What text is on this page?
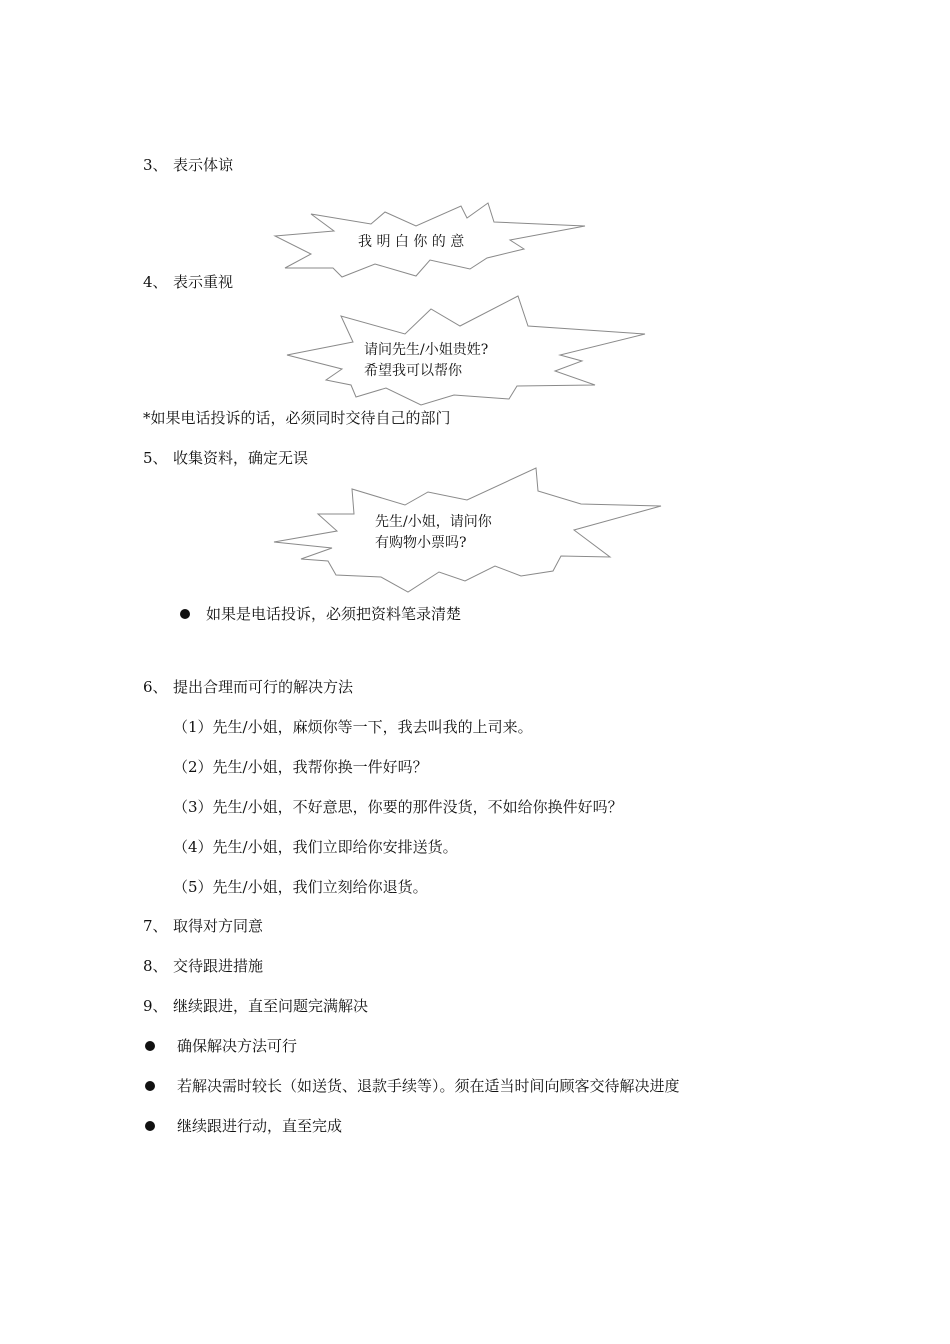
3、 表示体谅
我 明 白 你 的 意
4、 表示重视
请问先生/小姐贵姓?
希望我可以帮你
*如果电话投诉的话，必须同时交待自己的部门
5、 收集资料，确定无误
先生/小姐，请问你
有购物小票吗?
如果是电话投诉，必须把资料笔录清楚
6、 提出合理而可行的解决方法
（1）先生/小姐，麻烦你等一下，我去叫我的上司来。
（2）先生/小姐，我帮你换一件好吗？
（3）先生/小姐，不好意思，你要的那件没货，不如给你换件好吗？
（4）先生/小姐，我们立即给你安排送货。
（5）先生/小姐，我们立刻给你退货。
7、 取得对方同意
8、 交待跟进措施
9、 继续跟进，直至问题完满解决
确保解决方法可行
若解决需时较长（如送货、退款手续等）。须在适当时间向顾客交待解决进度
继续跟进行动，直至完成
